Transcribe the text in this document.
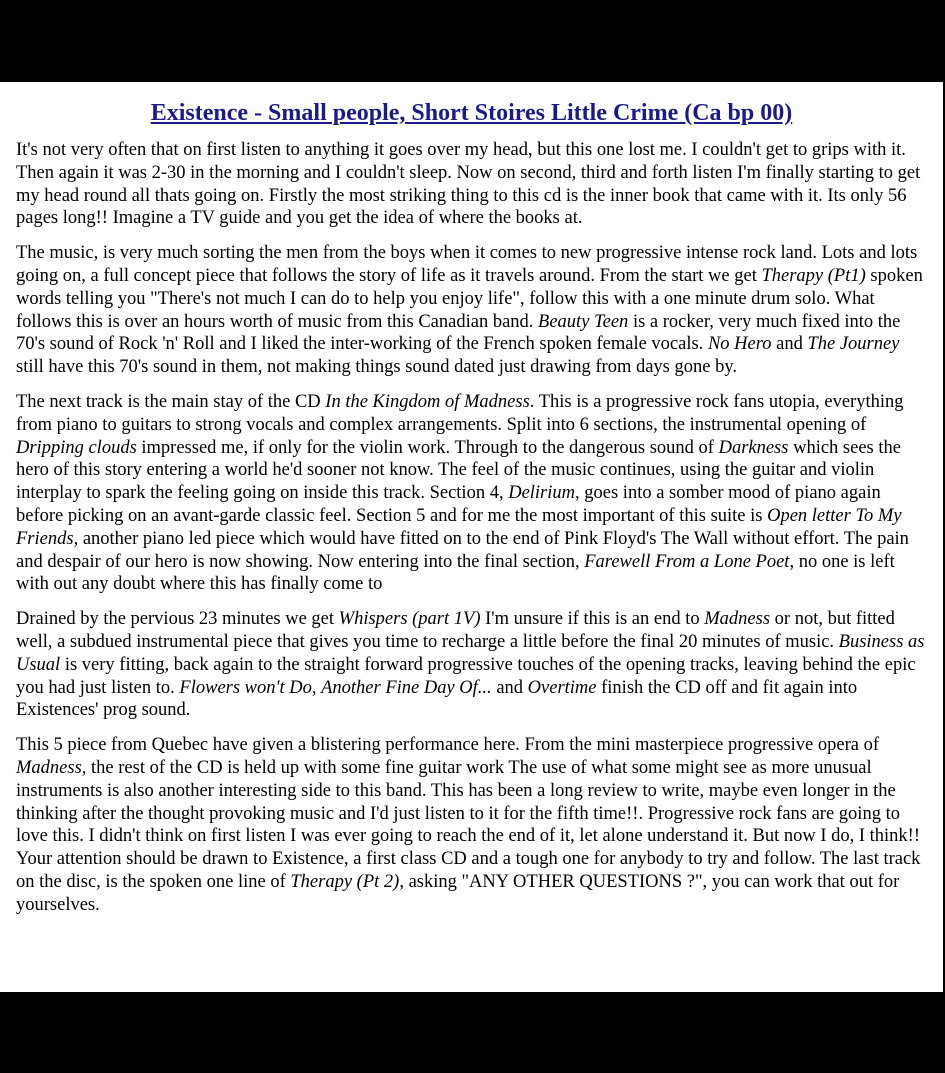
Existence - Small people, Short Stoires Little Crime (Ca bp 00)

It's not very often that on first listen to anything it goes over my head, but this one lost me. I couldn't get to grips with it. Then again it was 2-30 in the morning and I couldn't sleep. Now on second, third and forth listen I'm finally starting to get my head round all thats going on. Firstly the most striking thing to this cd is the inner book that came with it. Its only 56 pages long!! Imagine a TV guide and you get the idea of where the books at.

The music, is very much sorting the men from the boys when it comes to new progressive intense rock land. Lots and lots going on, a full concept piece that follows the story of life as it travels around. From the start we get Therapy (Pt1) spoken words telling you "There's not much I can do to help you enjoy life", follow this with a one minute drum solo. What follows this is over an hours worth of music from this Canadian band. Beauty Teen is a rocker, very much fixed into the 70's sound of Rock 'n' Roll and I liked the inter-working of the French spoken female vocals. No Hero and The Journey still have this 70's sound in them, not making things sound dated just drawing from days gone by.

The next track is the main stay of the CD In the Kingdom of Madness. This is a progressive rock fans utopia, everything from piano to guitars to strong vocals and complex arrangements. Split into 6 sections, the instrumental opening of Dripping clouds impressed me, if only for the violin work. Through to the dangerous sound of Darkness which sees the hero of this story entering a world he'd sooner not know. The feel of the music continues, using the guitar and violin interplay to spark the feeling going on inside this track. Section 4, Delirium, goes into a somber mood of piano again before picking on an avant-garde classic feel. Section 5 and for me the most important of this suite is Open letter To My Friends, another piano led piece which would have fitted on to the end of Pink Floyd's The Wall without effort. The pain and despair of our hero is now showing. Now entering into the final section, Farewell From a Lone Poet, no one is left with out any doubt where this has finally come to

Drained by the pervious 23 minutes we get Whispers (part 1V) I'm unsure if this is an end to Madness or not, but fitted well, a subdued instrumental piece that gives you time to recharge a little before the final 20 minutes of music. Business as Usual is very fitting, back again to the straight forward progressive touches of the opening tracks, leaving behind the epic you had just listen to. Flowers won't Do, Another Fine Day Of... and Overtime finish the CD off and fit again into Existences' prog sound.

This 5 piece from Quebec have given a blistering performance here. From the mini masterpiece progressive opera of Madness, the rest of the CD is held up with some fine guitar work The use of what some might see as more unusual instruments is also another interesting side to this band. This has been a long review to write, maybe even longer in the thinking after the thought provoking music and I'd just listen to it for the fifth time!!. Progressive rock fans are going to love this. I didn't think on first listen I was ever going to reach the end of it, let alone understand it. But now I do, I think!! Your attention should be drawn to Existence, a first class CD and a tough one for anybody to try and follow. The last track on the disc, is the spoken one line of Therapy (Pt 2), asking "ANY OTHER QUESTIONS ?", you can work that out for yourselves.
